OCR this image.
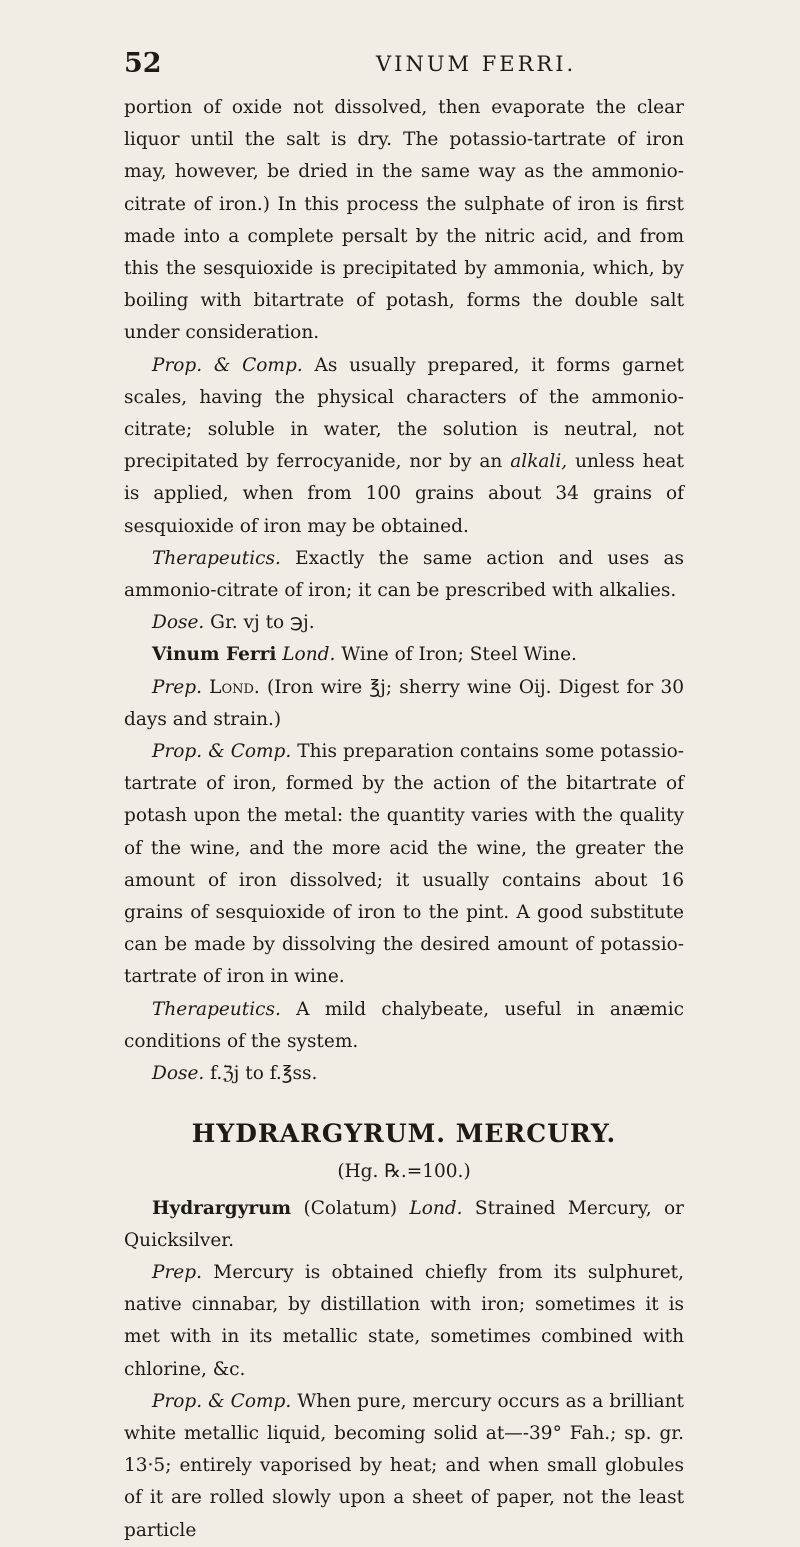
52	VINUM FERRI.

portion of oxide not dissolved, then evaporate the clear liquor until the salt is dry. The potassio-tartrate of iron may, however, be dried in the same way as the ammonio-citrate of iron.) In this process the sulphate of iron is first made into a complete persalt by the nitric acid, and from this the sesquioxide is precipitated by ammonia, which, by boiling with bitartrate of potash, forms the double salt under consideration.

Prop. & Comp. As usually prepared, it forms garnet scales, having the physical characters of the ammonio-citrate; soluble in water, the solution is neutral, not precipitated by ferrocyanide, nor by an alkali, unless heat is applied, when from 100 grains about 34 grains of sesquioxide of iron may be obtained.

Therapeutics. Exactly the same action and uses as ammonio-citrate of iron; it can be prescribed with alkalies.

Dose. Gr. vj to ℈j.

Vinum Ferri Lond. Wine of Iron; Steel Wine.

Prep. Lond. (Iron wire ℥j; sherry wine Oij. Digest for 30 days and strain.)

Prop. & Comp. This preparation contains some potassio-tartrate of iron, formed by the action of the bitartrate of potash upon the metal: the quantity varies with the quality of the wine, and the more acid the wine, the greater the amount of iron dissolved; it usually contains about 16 grains of sesquioxide of iron to the pint. A good substitute can be made by dissolving the desired amount of potassio-tartrate of iron in wine.

Therapeutics. A mild chalybeate, useful in anæmic conditions of the system.

Dose. f.ℨj to f.℥ss.

HYDRARGYRUM. MERCURY.
(Hg. ℞.=100.)

Hydrargyrum (Colatum) Lond. Strained Mercury, or Quicksilver.

Prep. Mercury is obtained chiefly from its sulphuret, native cinnabar, by distillation with iron; sometimes it is met with in its metallic state, sometimes combined with chlorine, &c.

Prop. & Comp. When pure, mercury occurs as a brilliant white metallic liquid, becoming solid at—-39° Fah.; sp. gr. 13·5; entirely vaporised by heat; and when small globules of it are rolled slowly upon a sheet of paper, not the least particle
